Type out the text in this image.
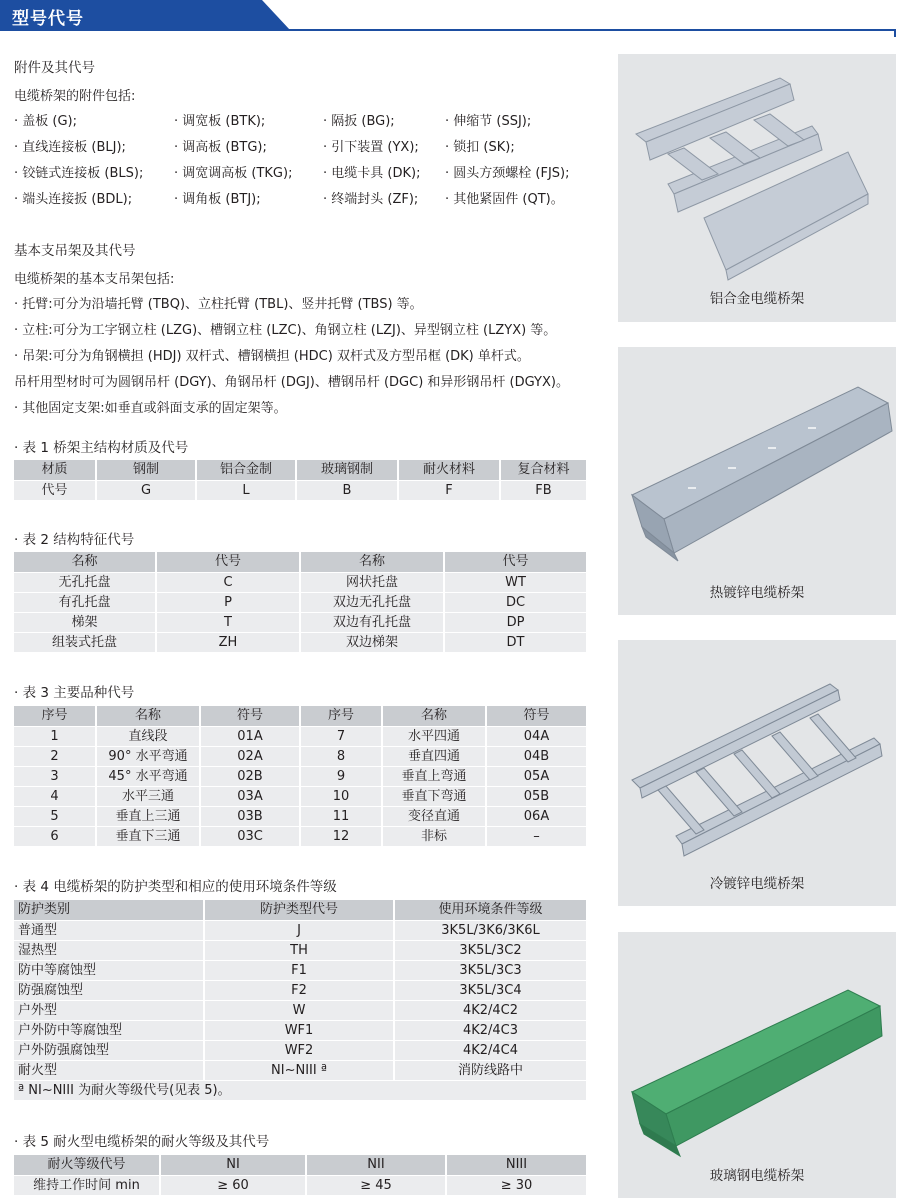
型号代号
附件及其代号
电缆桥架的附件包括:
· 盖板 (G);	· 调宽板 (BTK);	· 隔扳 (BG);	· 伸缩节 (SSJ);
· 直线连接板 (BLJ);	· 调高板 (BTG);	· 引下装置 (YX); · 锁扣 (SK);
· 铰链式连接板 (BLS); · 调宽调高板 (TKG); · 电缆卡具 (DK); · 圆头方颈螺栓 (FJS);
· 端头连接扳 (BDL);	· 调角板 (BTJ);	· 终端封头 (ZF); · 其他紧固件 (QT)。
基本支吊架及其代号
电缆桥架的基本支吊架包括:
· 托臂:可分为沿墙托臂 (TBQ)、立柱托臂 (TBL)、竖井托臂 (TBS) 等。
· 立柱:可分为工字钢立柱 (LZG)、槽钢立柱 (LZC)、角钢立柱 (LZJ)、异型钢立柱 (LZYX) 等。
· 吊架:可分为角钢横担 (HDJ) 双杆式、槽钢横担 (HDC) 双杆式及方型吊框 (DK) 单杆式。
吊杆用型材时可为圆钢吊杆 (DGY)、角钢吊杆 (DGJ)、槽钢吊杆 (DGC) 和异形钢吊杆 (DGYX)。
· 其他固定支架:如垂直或斜面支承的固定架等。
· 表 1 桥架主结构材质及代号
材质	钢制	铝合金制	玻璃钢制	耐火材料	复合材料
代号	G	L	B	F	FB
· 表 2 结构特征代号
名称	代号	名称	代号
无孔托盘	C	网状托盘	WT
有孔托盘	P	双边无孔托盘	DC
梯架	T	双边有孔托盘	DP
组装式托盘	ZH	双边梯架	DT
· 表 3 主要品种代号
序号	名称	符号	序号	名称	符号
1	直线段	01A	7	水平四通	04A
2	90° 水平弯通	02A	8	垂直四通	04B
3	45° 水平弯通	02B	9	垂直上弯通	05A
4	水平三通	03A	10	垂直下弯通	05B
5	垂直上三通	03B	11	变径直通	06A
6	垂直下三通	03C	12	非标	–
· 表 4 电缆桥架的防护类型和相应的使用环境条件等级
防护类别	防护类型代号	使用环境条件等级
普通型	J	3K5L/3K6/3K6L
湿热型	TH	3K5L/3C2
防中等腐蚀型	F1	3K5L/3C3
防强腐蚀型	F2	3K5L/3C4
户外型	W	4K2/4C2
户外防中等腐蚀型	WF1	4K2/4C3
户外防强腐蚀型	WF2	4K2/4C4
耐火型	NI~NIII ª	消防线路中
ª NI~NIII 为耐火等级代号(见表 5)。		
· 表 5 耐火型电缆桥架的耐火等级及其代号
耐火等级代号	NI	NII	NIII
维持工作时间 min	≥ 60	≥ 45	≥ 30
铝合金电缆桥架
热镀锌电缆桥架
冷镀锌电缆桥架
玻璃钢电缆桥架
